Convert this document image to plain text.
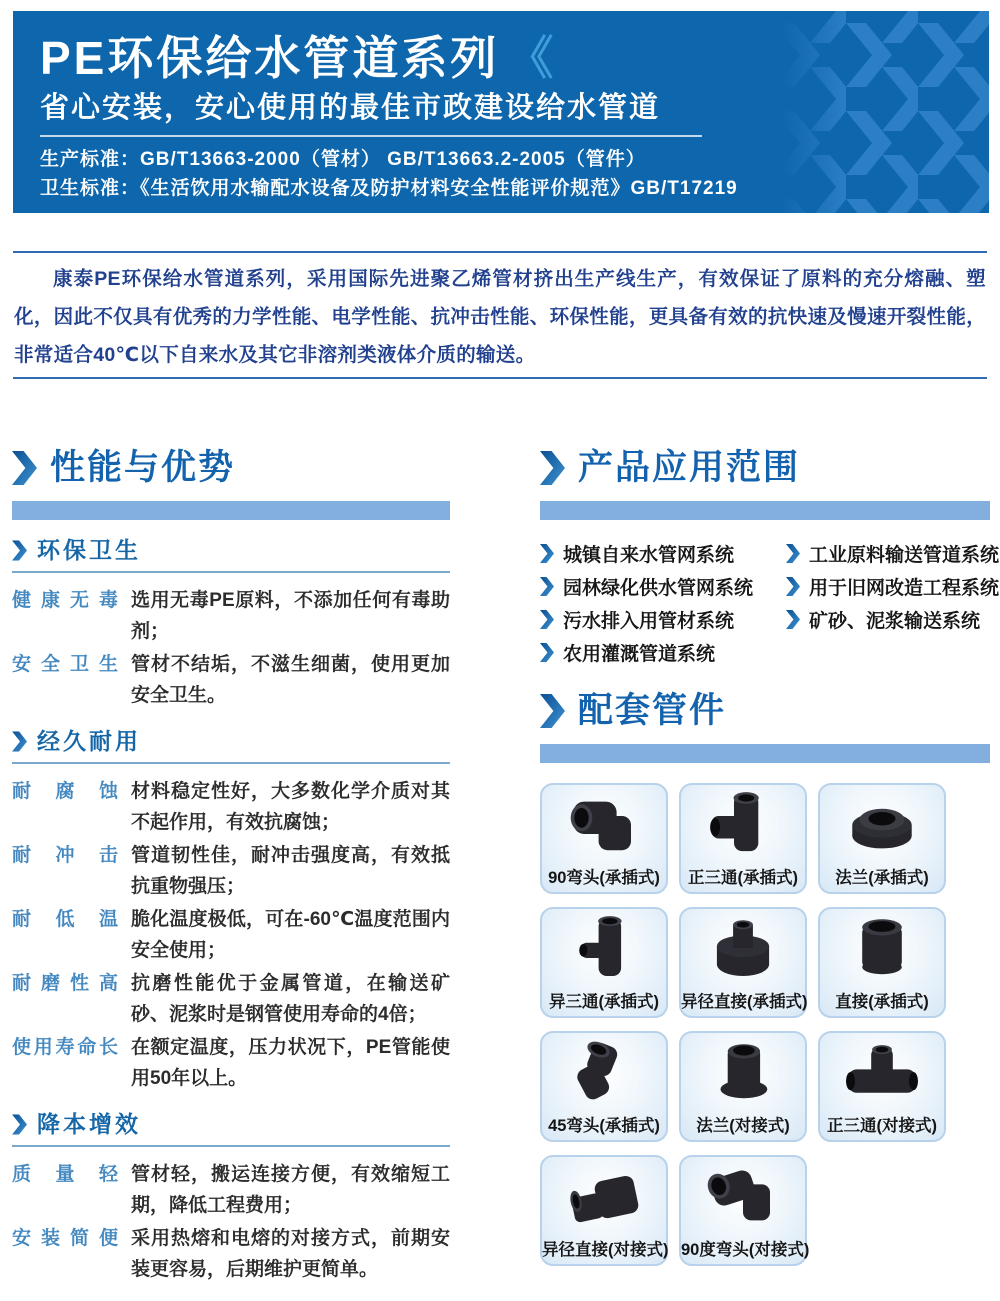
PE环保给水管道系列 《
省心安装，安心使用的最佳市政建设给水管道
生产标准：GB/T13663-2000（管材） GB/T13663.2-2005（管件）
卫生标准：《生活饮用水输配水设备及防护材料安全性能评价规范》GB/T17219

康泰PE环保给水管道系列，采用国际先进聚乙烯管材挤出生产线生产，有效保证了原料的充分熔融、塑化，因此不仅具有优秀的力学性能、电学性能、抗冲击性能、环保性能，更具备有效的抗快速及慢速开裂性能，非常适合40℃以下自来水及其它非溶剂类液体介质的输送。

性能与优势
环保卫生
健康无毒 选用无毒PE原料，不添加任何有毒助剂；
安全卫生 管材不结垢，不滋生细菌，使用更加安全卫生。
经久耐用
耐腐蚀 材料稳定性好，大多数化学介质对其不起作用，有效抗腐蚀；
耐冲击 管道韧性佳，耐冲击强度高，有效抵抗重物强压；
耐低温 脆化温度极低，可在-60℃温度范围内安全使用；
耐磨性高 抗磨性能优于金属管道，在输送矿砂、泥浆时是钢管使用寿命的4倍；
使用寿命长 在额定温度，压力状况下，PE管能使用50年以上。
降本增效
质量轻 管材轻，搬运连接方便，有效缩短工期，降低工程费用；
安装简便 采用热熔和电熔的对接方式，前期安装更容易，后期维护更简单。
产品应用范围
城镇自来水管网系统
园林绿化供水管网系统
污水排入用管材系统
农用灌溉管道系统
工业原料输送管道系统
用于旧网改造工程系统
矿砂、泥浆输送系统
配套管件
90弯头(承插式)	正三通(承插式)	法兰(承插式)
异三通(承插式)	异径直接(承插式)	直接(承插式)
45弯头(承插式)	法兰(对接式)	正三通(对接式)
异径直接(对接式) 90度弯头(对接式)
